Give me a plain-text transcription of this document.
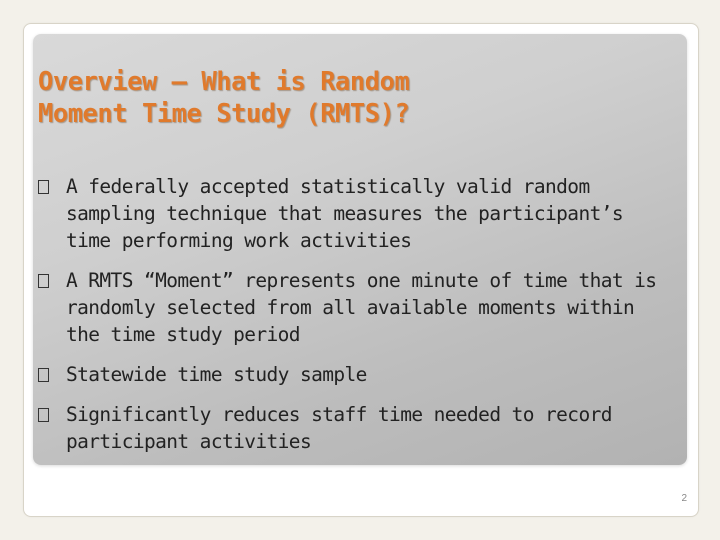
Overview – What is Random
Moment Time Study (RMTS)?
A federally accepted statistically valid random sampling technique that measures the participant’s time performing work activities
A RMTS “Moment” represents one minute of time that is randomly selected from all available moments within the time study period
Statewide time study sample
Significantly reduces staff time needed to record participant activities
2
